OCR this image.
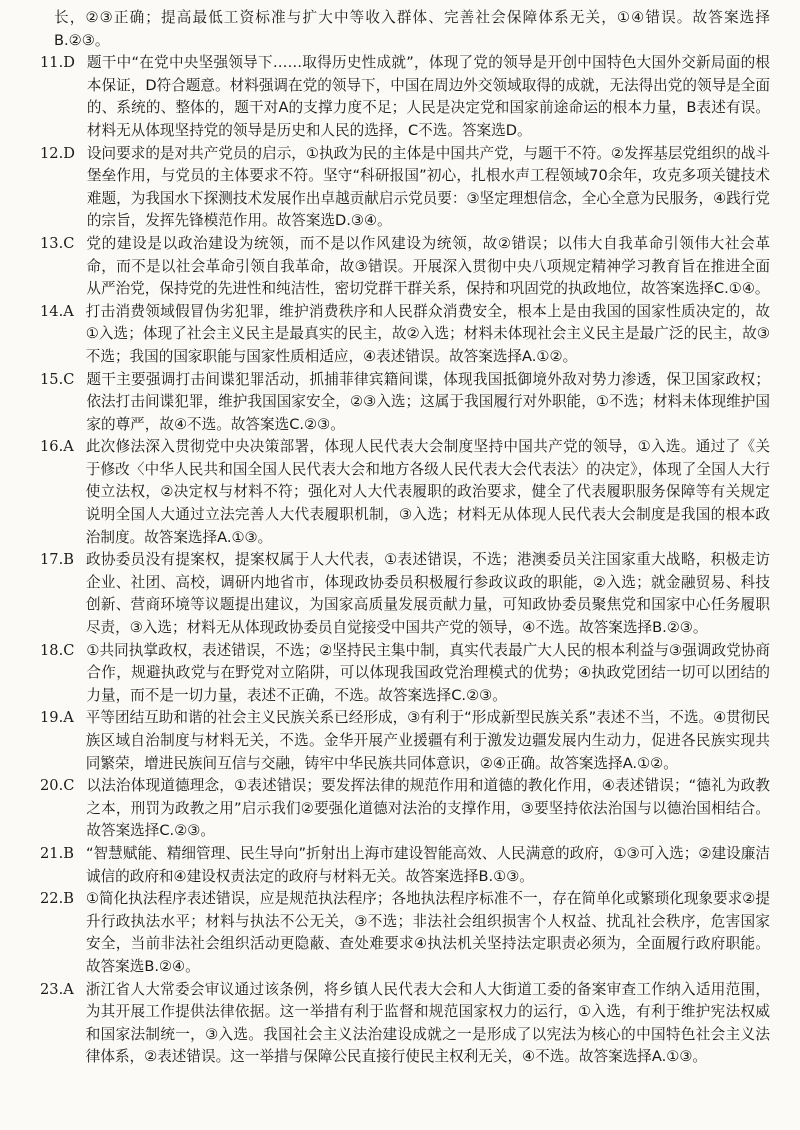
长，②③正确；提高最低工资标准与扩大中等收入群体、完善社会保障体系无关，①④错误。故答案选择B.②③。

11.D 题干中“在党中央坚强领导下……取得历史性成就”，体现了党的领导是开创中国特色大国外交新局面的根本保证，D符合题意。材料强调在党的领导下，中国在周边外交领域取得的成就，无法得出党的领导是全面的、系统的、整体的，题干对A的支撑力度不足；人民是决定党和国家前途命运的根本力量，B表述有误。材料无从体现坚持党的领导是历史和人民的选择，C不选。答案选D。
12.D 设问要求的是对共产党员的启示，①执政为民的主体是中国共产党，与题干不符。②发挥基层党组织的战斗堡垒作用，与党员的主体要求不符。坚守“科研报国”初心，扎根水声工程领域70余年，攻克多项关键技术难题，为我国水下探测技术发展作出卓越贡献启示党员要：③坚定理想信念，全心全意为民服务，④践行党的宗旨，发挥先锋模范作用。故答案选D.③④。
13.C 党的建设是以政治建设为统领，而不是以作风建设为统领，故②错误；以伟大自我革命引领伟大社会革命，而不是以社会革命引领自我革命，故③错误。开展深入贯彻中央八项规定精神学习教育旨在推进全面从严治党，保持党的先进性和纯洁性，密切党群干群关系，保持和巩固党的执政地位，故答案选择C.①④。
14.A 打击消费领域假冒伪劣犯罪，维护消费秩序和人民群众消费安全，根本上是由我国的国家性质决定的，故①入选；体现了社会主义民主是最真实的民主，故②入选；材料未体现社会主义民主是最广泛的民主，故③不选；我国的国家职能与国家性质相适应，④表述错误。故答案选择A.①②。
15.C 题干主要强调打击间谍犯罪活动，抓捕菲律宾籍间谍，体现我国抵御境外敌对势力渗透，保卫国家政权；依法打击间谍犯罪，维护我国国家安全，②③入选；这属于我国履行对外职能，①不选；材料未体现维护国家的尊严，故④不选。故答案选C.②③。
16.A 此次修法深入贯彻党中央决策部署，体现人民代表大会制度坚持中国共产党的领导，①入选。通过了《关于修改〈中华人民共和国全国人民代表大会和地方各级人民代表大会代表法〉的决定》，体现了全国人大行使立法权，②决定权与材料不符；强化对人大代表履职的政治要求，健全了代表履职服务保障等有关规定说明全国人大通过立法完善人大代表履职机制，③入选；材料无从体现人民代表大会制度是我国的根本政治制度。故答案选择A.①③。
17.B 政协委员没有提案权，提案权属于人大代表，①表述错误，不选；港澳委员关注国家重大战略，积极走访企业、社团、高校，调研内地省市，体现政协委员积极履行参政议政的职能，②入选；就金融贸易、科技创新、营商环境等议题提出建议，为国家高质量发展贡献力量，可知政协委员聚焦党和国家中心任务履职尽责，③入选；材料无从体现政协委员自觉接受中国共产党的领导，④不选。故答案选择B.②③。
18.C ①共同执掌政权，表述错误，不选；②坚持民主集中制，真实代表最广大人民的根本利益与③强调政党协商合作，规避执政党与在野党对立陷阱，可以体现我国政党治理模式的优势；④执政党团结一切可以团结的力量，而不是一切力量，表述不正确，不选。故答案选择C.②③。
19.A 平等团结互助和谐的社会主义民族关系已经形成，③有利于“形成新型民族关系”表述不当，不选。④贯彻民族区域自治制度与材料无关，不选。金华开展产业援疆有利于激发边疆发展内生动力，促进各民族实现共同繁荣，增进民族间互信与交融，铸牢中华民族共同体意识，②④正确。故答案选择A.①②。
20.C 以法治体现道德理念，①表述错误；要发挥法律的规范作用和道德的教化作用，④表述错误；“德礼为政教之本，刑罚为政教之用”启示我们②要强化道德对法治的支撑作用，③要坚持依法治国与以德治国相结合。故答案选择C.②③。
21.B “智慧赋能、精细管理、民生导向”折射出上海市建设智能高效、人民满意的政府，①③可入选；②建设廉洁诚信的政府和④建设权责法定的政府与材料无关。故答案选择B.①③。
22.B ①简化执法程序表述错误，应是规范执法程序；各地执法程序标准不一，存在简单化或繁琐化现象要求②提升行政执法水平；材料与执法不公无关，③不选；非法社会组织损害个人权益、扰乱社会秩序，危害国家安全，当前非法社会组织活动更隐蔽、查处难要求④执法机关坚持法定职责必须为，全面履行政府职能。故答案选B.②④。
23.A 浙江省人大常委会审议通过该条例，将乡镇人民代表大会和人大街道工委的备案审查工作纳入适用范围，为其开展工作提供法律依据。这一举措有利于监督和规范国家权力的运行，①入选，有利于维护宪法权威和国家法制统一，③入选。我国社会主义法治建设成就之一是形成了以宪法为核心的中国特色社会主义法律体系，②表述错误。这一举措与保障公民直接行使民主权利无关，④不选。故答案选择A.①③。
